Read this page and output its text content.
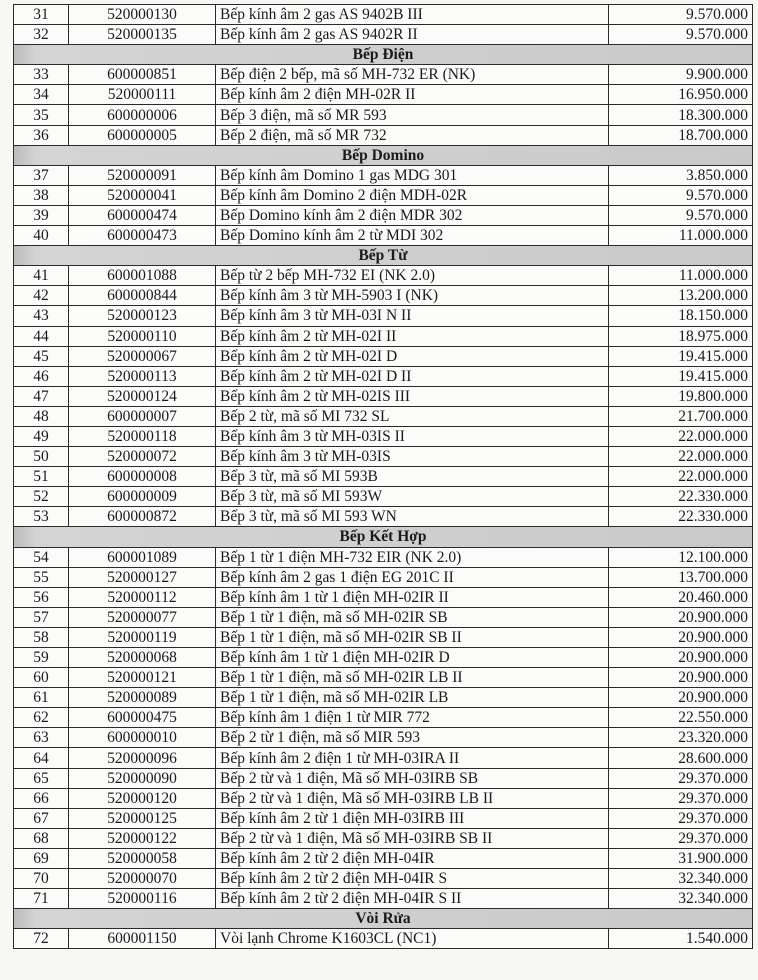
31	520000130	Bếp kính âm 2 gas AS 9402B III	9.570.000
32	520000135	Bếp kính âm 2 gas AS 9402R II	9.570.000
Bếp Điện			
33	600000851	Bếp điện 2 bếp, mã số MH-732 ER (NK)	9.900.000
34	520000111	Bếp kính âm 2 điện MH-02R II	16.950.000
35	600000006	Bếp 3 điện, mã số MR 593	18.300.000
36	600000005	Bếp 2 điện, mã số MR 732	18.700.000
Bếp Domino			
37	520000091	Bếp kính âm Domino 1 gas MDG 301	3.850.000
38	520000041	Bếp kính âm Domino 2 điện MDH-02R	9.570.000
39	600000474	Bếp Domino kính âm 2 điện MDR 302	9.570.000
40	600000473	Bếp Domino kính âm 2 từ MDI 302	11.000.000
Bếp Từ			
41	600001088	Bếp từ 2 bếp MH-732 EI (NK 2.0)	11.000.000
42	600000844	Bếp kính âm 3 từ MH-5903 I (NK)	13.200.000
43	520000123	Bếp kính âm 3 từ MH-03I N II	18.150.000
44	520000110	Bếp kính âm 2 từ MH-02I II	18.975.000
45	520000067	Bếp kính âm 2 từ MH-02I D	19.415.000
46	520000113	Bếp kính âm 2 từ MH-02I D II	19.415.000
47	520000124	Bếp kính âm 2 từ MH-02IS III	19.800.000
48	600000007	Bếp 2 từ, mã số MI 732 SL	21.700.000
49	520000118	Bếp kính âm 3 từ MH-03IS II	22.000.000
50	520000072	Bếp kính âm 3 từ MH-03IS	22.000.000
51	600000008	Bếp 3 từ, mã số MI 593B	22.000.000
52	600000009	Bếp 3 từ, mã số MI 593W	22.330.000
53	600000872	Bếp 3 từ, mã số MI 593 WN	22.330.000
Bếp Kết Hợp			
54	600001089	Bếp 1 từ 1 điện MH-732 EIR (NK 2.0)	12.100.000
55	520000127	Bếp kính âm 2 gas 1 điện EG 201C II	13.700.000
56	520000112	Bếp kính âm 1 từ 1 điện MH-02IR II	20.460.000
57	520000077	Bếp 1 từ 1 điện, mã số MH-02IR SB	20.900.000
58	520000119	Bếp 1 từ 1 điện, mã số MH-02IR SB II	20.900.000
59	520000068	Bếp kính âm 1 từ 1 điện MH-02IR D	20.900.000
60	520000121	Bếp 1 từ 1 điện, mã số MH-02IR LB II	20.900.000
61	520000089	Bếp 1 từ 1 điện, mã số MH-02IR LB	20.900.000
62	600000475	Bếp kính âm 1 điện 1 từ MIR 772	22.550.000
63	600000010	Bếp 2 từ 1 điện, mã số MIR 593	23.320.000
64	520000096	Bếp kính âm 2 điện 1 từ MH-03IRA II	28.600.000
65	520000090	Bếp 2 từ và 1 điện, Mã số MH-03IRB SB	29.370.000
66	520000120	Bếp 2 từ và 1 điện, Mã số MH-03IRB LB II	29.370.000
67	520000125	Bếp kính âm 2 từ 1 điện MH-03IRB III	29.370.000
68	520000122	Bếp 2 từ và 1 điện, Mã số MH-03IRB SB II	29.370.000
69	520000058	Bếp kính âm 2 từ 2 điện MH-04IR	31.900.000
70	520000070	Bếp kính âm 2 từ 2 điện MH-04IR S	32.340.000
71	520000116	Bếp kính âm 2 từ 2 điện MH-04IR S II	32.340.000
Vòi Rửa			
72	600001150	Vòi lạnh Chrome K1603CL (NC1)	1.540.000
